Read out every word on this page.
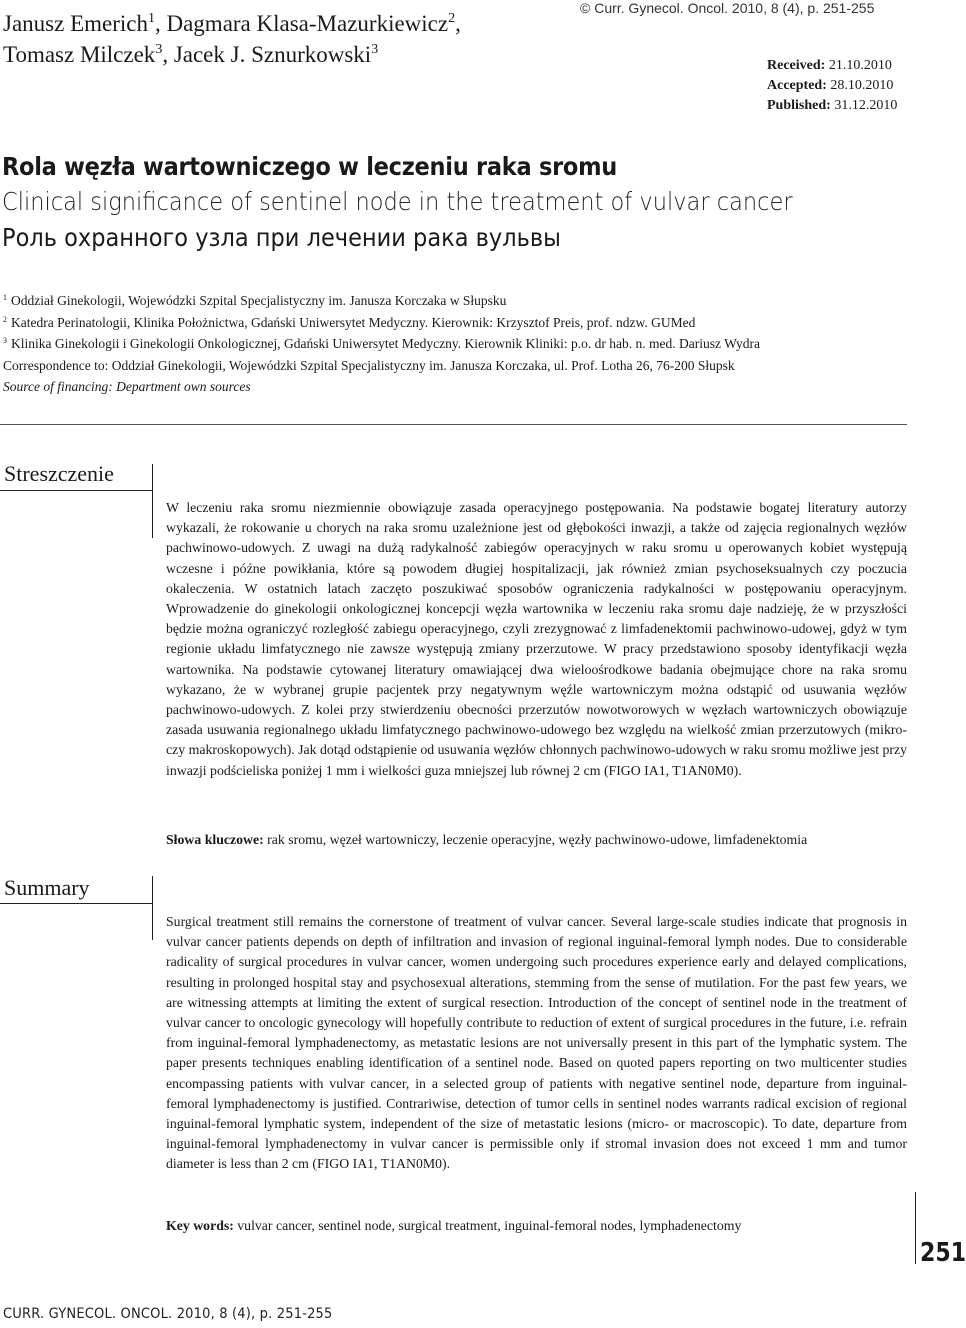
Janusz Emerich$^1$, Dagmara Klasa-Mazurkiewicz$^2$,
Tomasz Milczek$^3$, Jacek J. Sznurkowski$^3$
© Curr. Gynecol. Oncol. 2010, 8 (4), p. 251-255
Received: 21.10.2010
Accepted: 28.10.2010
Published: 31.12.2010
Rola węzła wartowniczego w leczeniu raka sromu
Clinical significance of sentinel node in the treatment of vulvar cancer
Роль охранного узла при лечении рака вульвы
$^1$ Oddział Ginekologii, Wojewódzki Szpital Specjalistyczny im. Janusza Korczaka w Słupsku
$^2$ Katedra Perinatologii, Klinika Położnictwa, Gdański Uniwersytet Medyczny. Kierownik: Krzysztof Preis, prof. ndzw. GUMed
$^3$ Klinika Ginekologii i Ginekologii Onkologicznej, Gdański Uniwersytet Medyczny. Kierownik Kliniki: p.o. dr hab. n. med. Dariusz Wydra
Correspondence to: Oddział Ginekologii, Wojewódzki Szpital Specjalistyczny im. Janusza Korczaka, ul. Prof. Lotha 26, 76-200 Słupsk
Source of financing: Department own sources
Streszczenie
W leczeniu raka sromu niezmiennie obowiązuje zasada operacyjnego postępowania. Na podstawie bogatej literatury autorzy wykazali, że rokowanie u chorych na raka sromu uzależnione jest od głębokości inwazji, a także od zajęcia regionalnych węzłów pachwinowo-udowych. Z uwagi na dużą radykalność zabiegów operacyjnych w raku sromu u operowanych kobiet występują wczesne i późne powikłania, które są powodem długiej hospitalizacji, jak również zmian psychoseksualnych czy poczucia okaleczenia. W ostatnich latach zaczęto poszukiwać sposobów ograniczenia radykalności w postępowaniu operacyjnym. Wprowadzenie do ginekologii onkologicznej koncepcji węzła wartownika w leczeniu raka sromu daje nadzieję, że w przyszłości będzie można ograniczyć rozległość zabiegu operacyjnego, czyli zrezygnować z limfadenektomii pachwinowo-udowej, gdyż w tym regionie układu limfatycznego nie zawsze występują zmiany przerzutowe. W pracy przedstawiono sposoby identyfikacji węzła wartownika. Na podstawie cytowanej literatury omawiającej dwa wieloośrodkowe badania obejmujące chore na raka sromu wykazano, że w wybranej grupie pacjentek przy negatywnym węźle wartowniczym można odstąpić od usuwania węzłów pachwinowo-udowych. Z kolei przy stwierdzeniu obecności przerzutów nowotworowych w węzłach wartowniczych obowiązuje zasada usuwania regionalnego układu limfatycznego pachwinowo-udowego bez względu na wielkość zmian przerzutowych (mikro- czy makroskopowych). Jak dotąd odstąpienie od usuwania węzłów chłonnych pachwinowo-udowych w raku sromu możliwe jest przy inwazji podścieliska poniżej 1 mm i wielkości guza mniejszej lub równej 2 cm (FIGO IA1, T1AN0M0).
Słowa kluczowe: rak sromu, węzeł wartowniczy, leczenie operacyjne, węzły pachwinowo-udowe, limfadenektomia
Summary
Surgical treatment still remains the cornerstone of treatment of vulvar cancer. Several large-scale studies indicate that prognosis in vulvar cancer patients depends on depth of infiltration and invasion of regional inguinal-femoral lymph nodes. Due to considerable radicality of surgical procedures in vulvar cancer, women undergoing such procedures experience early and delayed complications, resulting in prolonged hospital stay and psychosexual alterations, stemming from the sense of mutilation. For the past few years, we are witnessing attempts at limiting the extent of surgical resection. Introduction of the concept of sentinel node in the treatment of vulvar cancer to oncologic gynecology will hopefully contribute to reduction of extent of surgical procedures in the future, i.e. refrain from inguinal-femoral lymphadenectomy, as metastatic lesions are not universally present in this part of the lymphatic system. The paper presents techniques enabling identification of a sentinel node. Based on quoted papers reporting on two multicenter studies encompassing patients with vulvar cancer, in a selected group of patients with negative sentinel node, departure from inguinal-femoral lymphadenectomy is justified. Contrariwise, detection of tumor cells in sentinel nodes warrants radical excision of regional inguinal-femoral lymphatic system, independent of the size of metastatic lesions (micro- or macroscopic). To date, departure from inguinal-femoral lymphadenectomy in vulvar cancer is permissible only if stromal invasion does not exceed 1 mm and tumor diameter is less than 2 cm (FIGO IA1, T1AN0M0).
Key words: vulvar cancer, sentinel node, surgical treatment, inguinal-femoral nodes, lymphadenectomy
251
CURR. GYNECOL. ONCOL. 2010, 8 (4), p. 251-255
